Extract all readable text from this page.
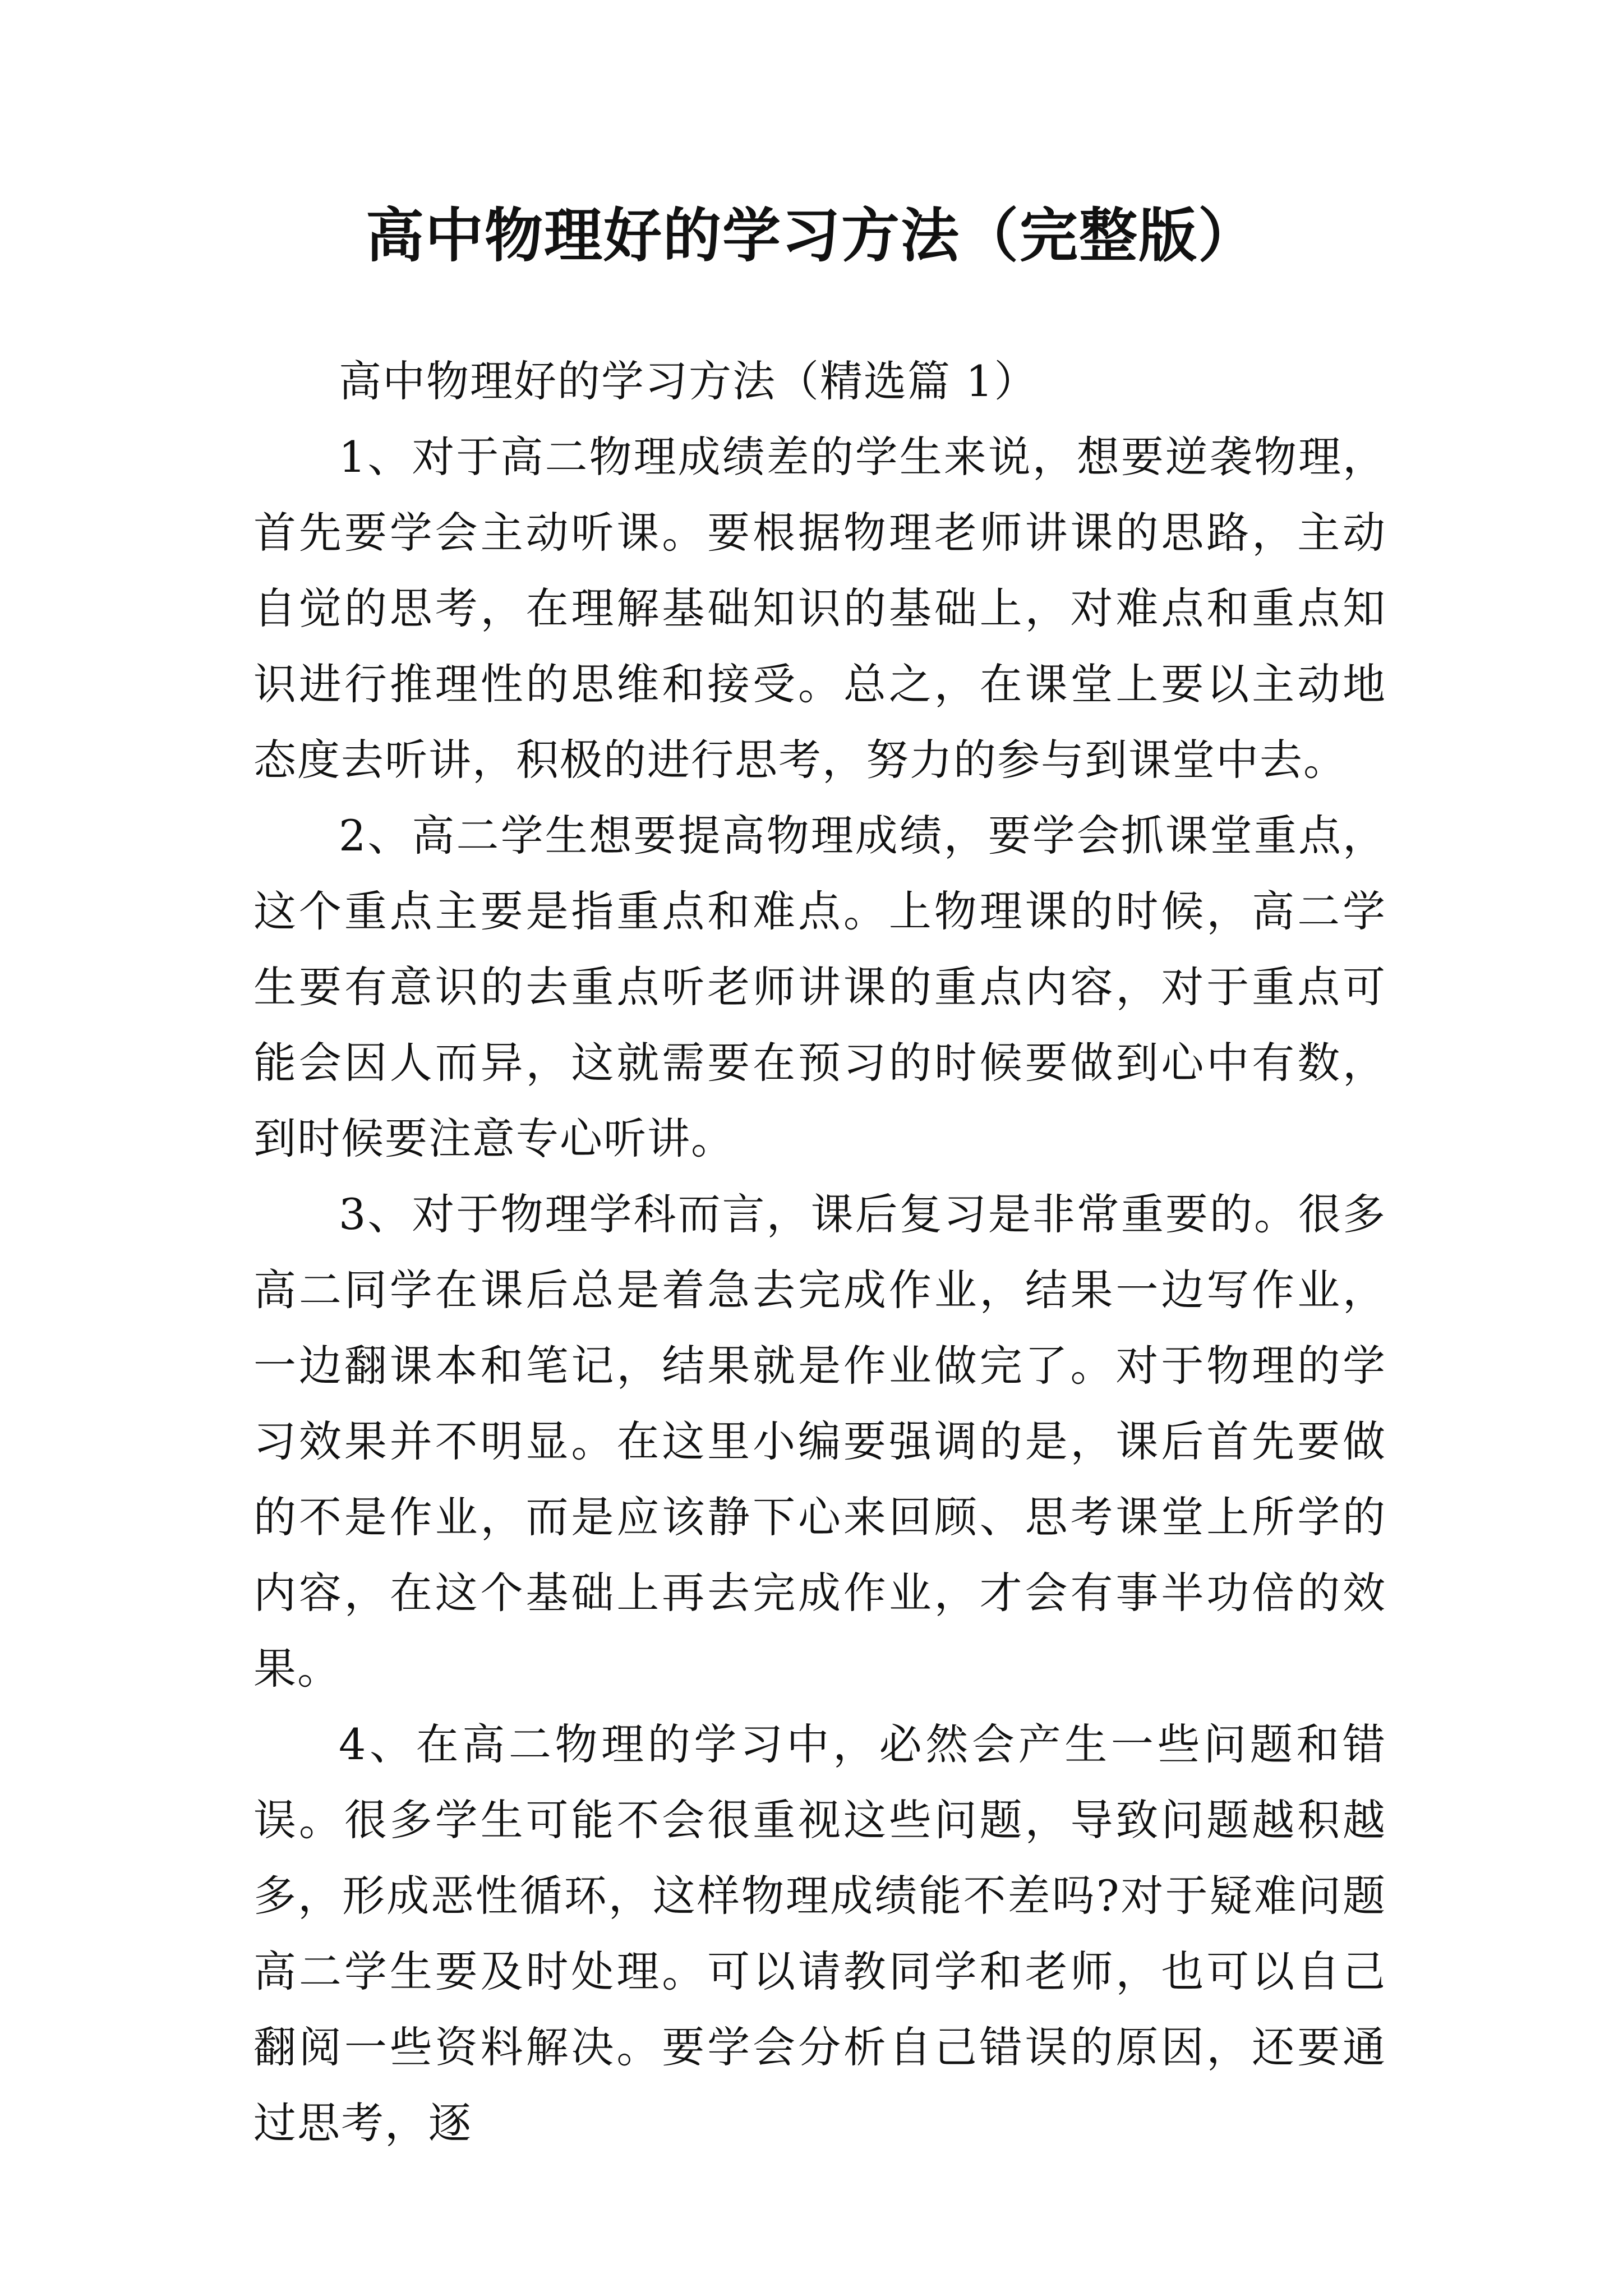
高中物理好的学习方法（完整版）

高中物理好的学习方法（精选篇 1）

1、对于高二物理成绩差的学生来说，想要逆袭物理，首先要学会主动听课。要根据物理老师讲课的思路，主动自觉的思考，在理解基础知识的基础上，对难点和重点知识进行推理性的思维和接受。总之，在课堂上要以主动地态度去听讲，积极的进行思考，努力的参与到课堂中去。

2、高二学生想要提高物理成绩，要学会抓课堂重点，这个重点主要是指重点和难点。上物理课的时候，高二学生要有意识的去重点听老师讲课的重点内容，对于重点可能会因人而异，这就需要在预习的时候要做到心中有数，到时候要注意专心听讲。

3、对于物理学科而言，课后复习是非常重要的。很多高二同学在课后总是着急去完成作业，结果一边写作业，一边翻课本和笔记，结果就是作业做完了。对于物理的学习效果并不明显。在这里小编要强调的是，课后首先要做的不是作业，而是应该静下心来回顾、思考课堂上所学的内容，在这个基础上再去完成作业，才会有事半功倍的效果。

4、在高二物理的学习中，必然会产生一些问题和错误。很多学生可能不会很重视这些问题，导致问题越积越多，形成恶性循环，这样物理成绩能不差吗?对于疑难问题高二学生要及时处理。可以请教同学和老师，也可以自己翻阅一些资料解决。要学会分析自己错误的原因，还要通过思考，逐
